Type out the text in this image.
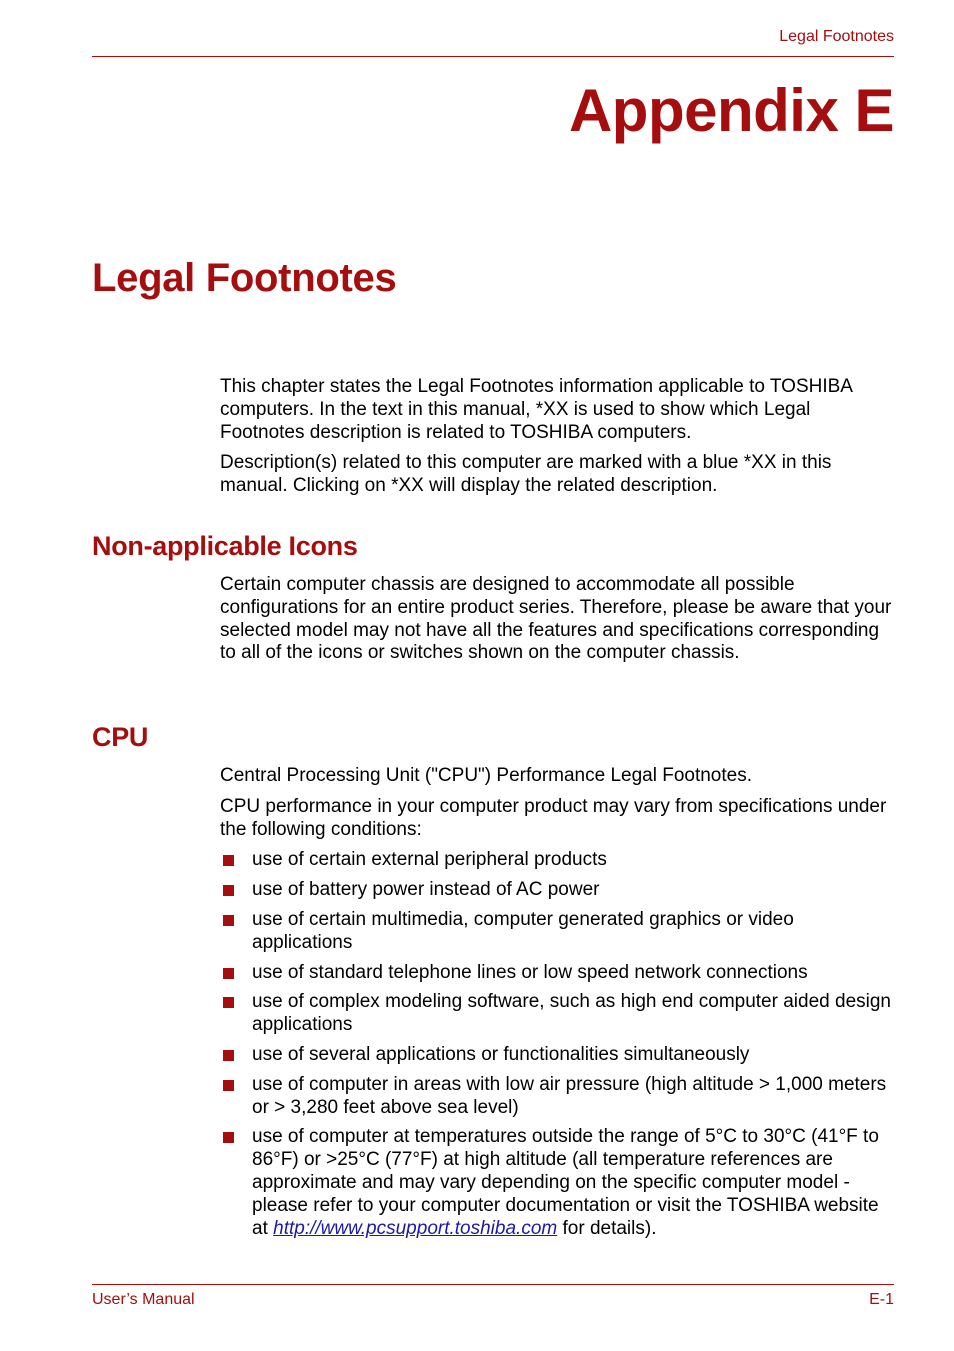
Legal Footnotes
Appendix E
Legal Footnotes

This chapter states the Legal Footnotes information applicable to TOSHIBA computers. In the text in this manual, *XX is used to show which Legal Footnotes description is related to TOSHIBA computers.

Description(s) related to this computer are marked with a blue *XX in this manual. Clicking on *XX will display the related description.

Non-applicable Icons

Certain computer chassis are designed to accommodate all possible configurations for an entire product series. Therefore, please be aware that your selected model may not have all the features and specifications corresponding to all of the icons or switches shown on the computer chassis.

CPU

Central Processing Unit ("CPU") Performance Legal Footnotes.

CPU performance in your computer product may vary from specifications under the following conditions:

use of certain external peripheral products
use of battery power instead of AC power
use of certain multimedia, computer generated graphics or video applications
use of standard telephone lines or low speed network connections
use of complex modeling software, such as high end computer aided design applications
use of several applications or functionalities simultaneously
use of computer in areas with low air pressure (high altitude > 1,000 meters or > 3,280 feet above sea level)
use of computer at temperatures outside the range of 5°C to 30°C (41°F to 86°F) or >25°C (77°F) at high altitude (all temperature references are approximate and may vary depending on the specific computer model - please refer to your computer documentation or visit the TOSHIBA website at http://www.pcsupport.toshiba.com for details).
User’s Manual	E-1
